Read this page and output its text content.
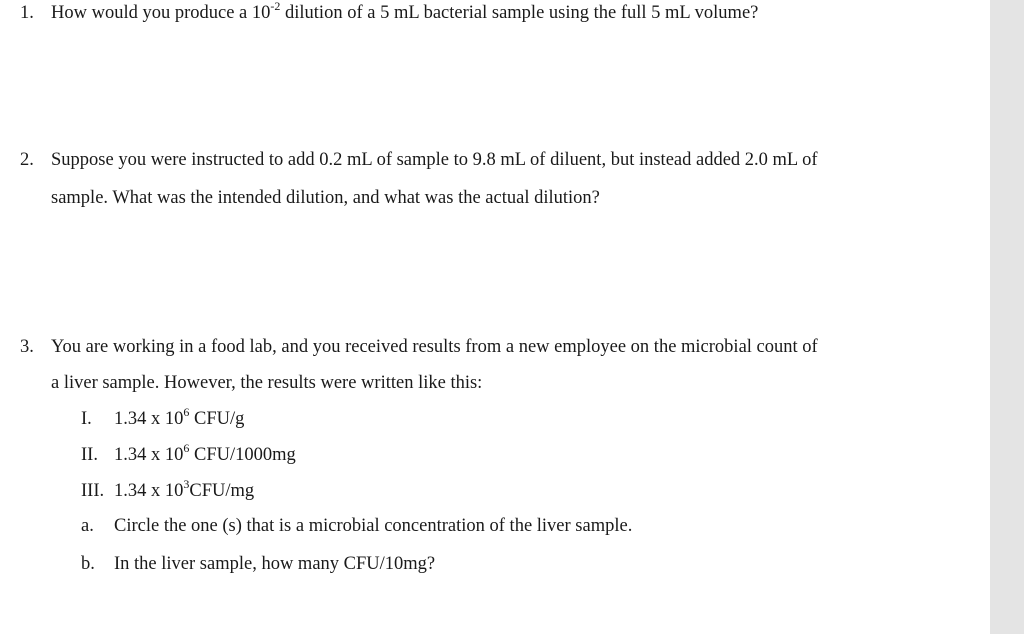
1. How would you produce a $10^{-2}$ dilution of a 5 mL bacterial sample using the full 5 mL volume?
2. Suppose you were instructed to add 0.2 mL of sample to 9.8 mL of diluent, but instead added 2.0 mL of
sample. What was the intended dilution, and what was the actual dilution?
3. You are working in a food lab, and you received results from a new employee on the microbial count of
a liver sample. However, the results were written like this:
I. 1.34 x $10^6$ CFU/g
II. 1.34 x $10^6$ CFU/1000mg
III. 1.34 x $10^3CFU/mg$
a. Circle the one (s) that is a microbial concentration of the liver sample.
b. In the liver sample, how many CFU/10mg?
